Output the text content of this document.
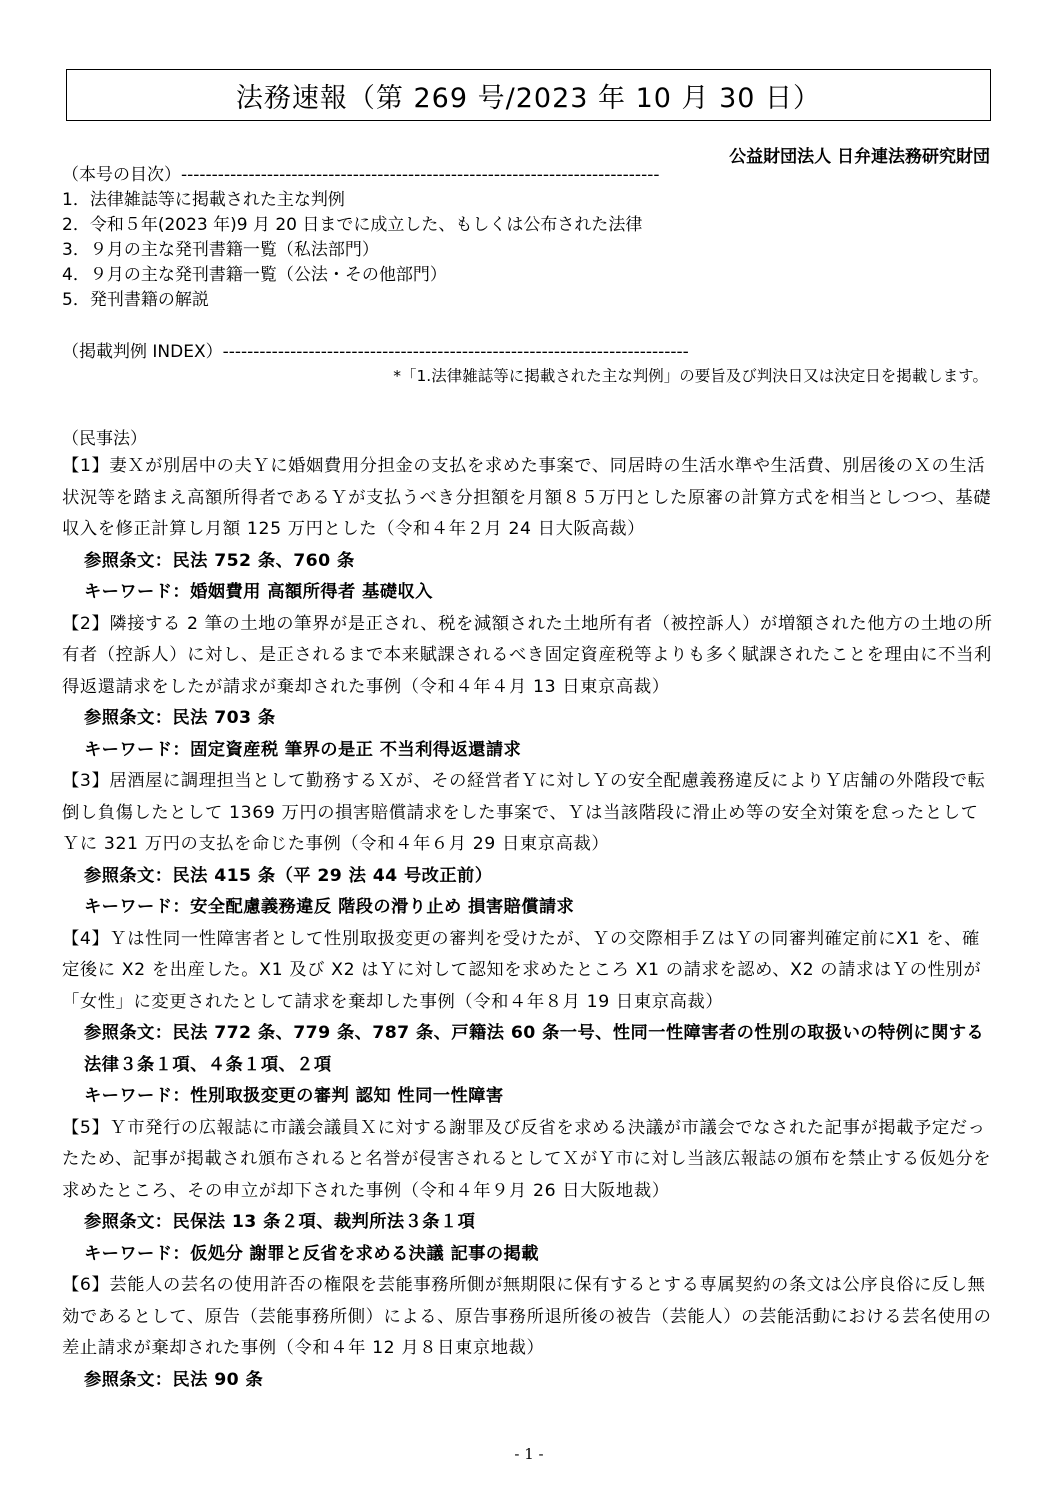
法務速報（第 269 号/2023 年 10 月 30 日）
公益財団法人 日弁連法務研究財団
（本号の目次）------------------------------------------------------------------------------
1．法律雑誌等に掲載された主な判例
2．令和５年(2023 年)9 月 20 日までに成立した、もしくは公布された法律
3．９月の主な発刊書籍一覧（私法部門）
4．９月の主な発刊書籍一覧（公法・その他部門）
5．発刊書籍の解説
（掲載判例 INDEX）----------------------------------------------------------------------------
*「1.法律雑誌等に掲載された主な判例」の要旨及び判決日又は決定日を掲載します。
（民事法）

【1】妻Ｘが別居中の夫Ｙに婚姻費用分担金の支払を求めた事案で、同居時の生活水準や生活費、別居後のＸの生活状況等を踏まえ高額所得者であるＹが支払うべき分担額を月額８５万円とした原審の計算方式を相当としつつ、基礎収入を修正計算し月額 125 万円とした（令和４年２月 24 日大阪高裁）

参照条文：民法 752 条、760 条
キーワード：婚姻費用 高額所得者 基礎収入

【2】隣接する 2 筆の土地の筆界が是正され、税を減額された土地所有者（被控訴人）が増額された他方の土地の所有者（控訴人）に対し、是正されるまで本来賦課されるべき固定資産税等よりも多く賦課されたことを理由に不当利得返還請求をしたが請求が棄却された事例（令和４年４月 13 日東京高裁）

参照条文：民法 703 条
キーワード：固定資産税 筆界の是正 不当利得返還請求

【3】居酒屋に調理担当として勤務するＸが、その経営者Ｙに対しＹの安全配慮義務違反によりＹ店舗の外階段で転倒し負傷したとして 1369 万円の損害賠償請求をした事案で、Ｙは当該階段に滑止め等の安全対策を怠ったとしてＹに 321 万円の支払を命じた事例（令和４年６月 29 日東京高裁）

参照条文：民法 415 条（平 29 法 44 号改正前）
キーワード：安全配慮義務違反 階段の滑り止め 損害賠償請求

【4】Ｙは性同一性障害者として性別取扱変更の審判を受けたが、Ｙの交際相手ＺはＹの同審判確定前にX1 を、確定後に X2 を出産した。X1 及び X2 はＹに対して認知を求めたところ X1 の請求を認め、X2 の請求はＹの性別が「女性」に変更されたとして請求を棄却した事例（令和４年８月 19 日東京高裁）

参照条文：民法 772 条、779 条、787 条、戸籍法 60 条一号、性同一性障害者の性別の取扱いの特例に関する法律３条１項、４条１項、２項
キーワード：性別取扱変更の審判 認知 性同一性障害

【5】Ｙ市発行の広報誌に市議会議員Ｘに対する謝罪及び反省を求める決議が市議会でなされた記事が掲載予定だったため、記事が掲載され頒布されると名誉が侵害されるとしてＸがＹ市に対し当該広報誌の頒布を禁止する仮処分を求めたところ、その申立が却下された事例（令和４年９月 26 日大阪地裁）

参照条文：民保法 13 条２項、裁判所法３条１項
キーワード：仮処分 謝罪と反省を求める決議 記事の掲載

【6】芸能人の芸名の使用許否の権限を芸能事務所側が無期限に保有するとする専属契約の条文は公序良俗に反し無効であるとして、原告（芸能事務所側）による、原告事務所退所後の被告（芸能人）の芸能活動における芸名使用の差止請求が棄却された事例（令和４年 12 月８日東京地裁）

参照条文：民法 90 条
- 1 -
